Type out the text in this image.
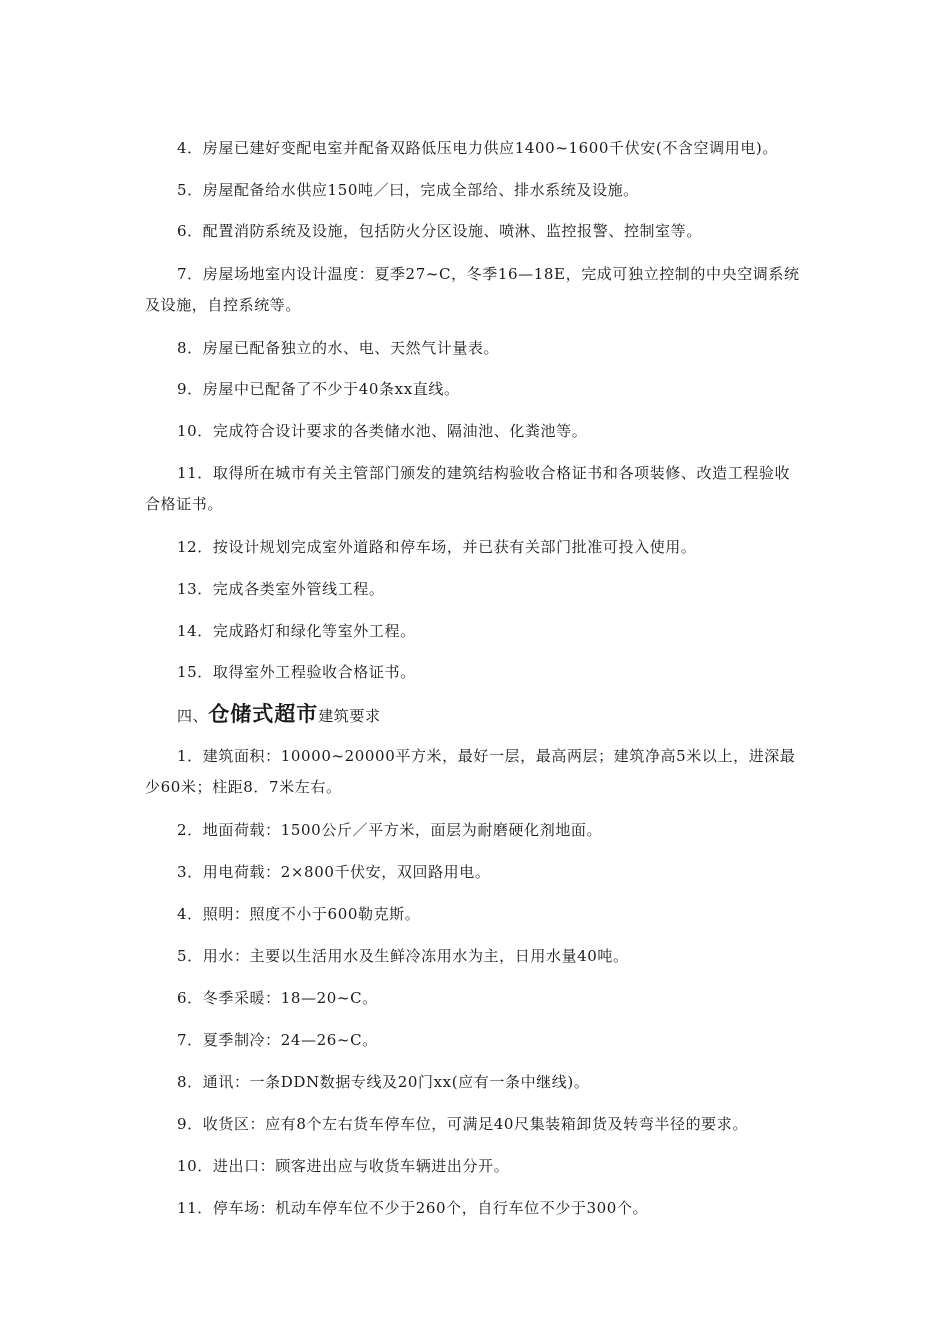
4．房屋已建好变配电室并配备双路低压电力供应1400~1600千伏安(不含空调用电)。

5．房屋配备给水供应150吨／曰，完成全部给、排水系统及设施。

6．配置消防系统及设施，包括防火分区设施、喷淋、监控报警、控制室等。

7．房屋场地室内设计温度：夏季27~C，冬季16—18E，完成可独立控制的中央空调系统及设施，自控系统等。

8．房屋已配备独立的水、电、天然气计量表。

9．房屋中已配备了不少于40条xx直线。

10．完成符合设计要求的各类储水池、隔油池、化粪池等。

11．取得所在城市有关主管部门颁发的建筑结构验收合格证书和各项装修、改造工程验收合格证书。

12．按设计规划完成室外道路和停车场，并已获有关部门批准可投入使用。

13．完成各类室外管线工程。

14．完成路灯和绿化等室外工程。

15．取得室外工程验收合格证书。

四、仓储式超市建筑要求

1．建筑面积：10000~20000平方米，最好一层，最高两层；建筑净高5米以上，进深最少60米；柱距8．7米左右。

2．地面荷载：1500公斤／平方米，面层为耐磨硬化剂地面。

3．用电荷载：2×800千伏安，双回路用电。

4．照明：照度不小于600勒克斯。

5．用水：主要以生活用水及生鲜冷冻用水为主，日用水量40吨。

6．冬季采暖：18—20~C。

7．夏季制冷：24—26~C。

8．通讯：一条DDN数据专线及20门xx(应有一条中继线)。

9．收货区：应有8个左右货车停车位，可满足40尺集装箱卸货及转弯半径的要求。

10．进出口：顾客进出应与收货车辆进出分开。

11．停车场：机动车停车位不少于260个，自行车位不少于300个。
